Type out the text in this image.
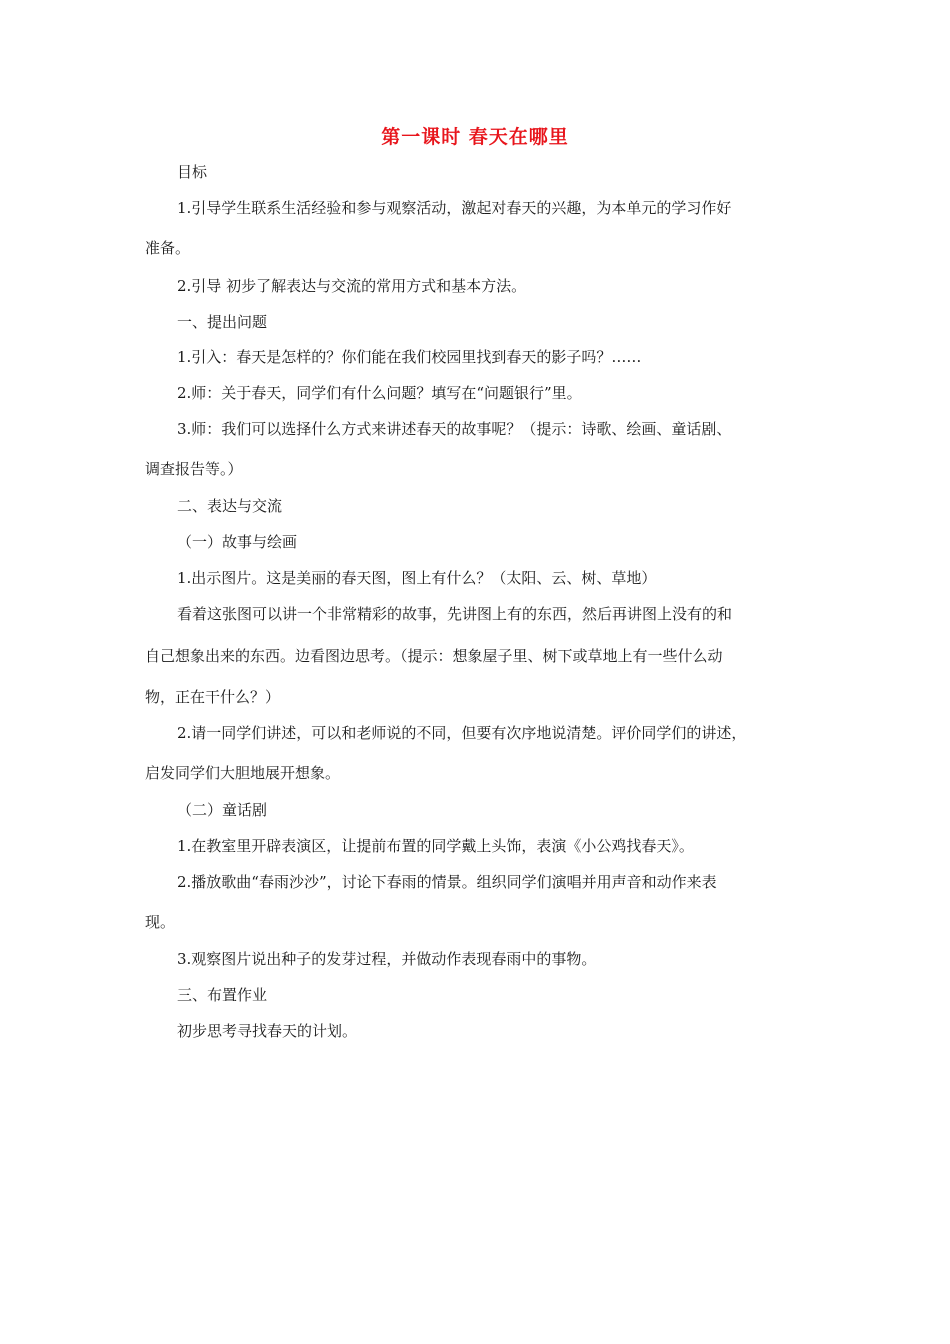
第一课时 春天在哪里

目标

1.引导学生联系生活经验和参与观察活动，激起对春天的兴趣，为本单元的学习作好

准备。

2.引导 初步了解表达与交流的常用方式和基本方法。

一、提出问题

1.引入：春天是怎样的？你们能在我们校园里找到春天的影子吗？……

2.师：关于春天，同学们有什么问题？填写在“问题银行”里。

3.师：我们可以选择什么方式来讲述春天的故事呢？（提示：诗歌、绘画、童话剧、

调查报告等。）

二、表达与交流

（一）故事与绘画

1.出示图片。这是美丽的春天图，图上有什么？（太阳、云、树、草地）

看着这张图可以讲一个非常精彩的故事，先讲图上有的东西，然后再讲图上没有的和

自己想象出来的东西。边看图边思考。（提示：想象屋子里、树下或草地上有一些什么动

物，正在干什么？）

2.请一同学们讲述，可以和老师说的不同，但要有次序地说清楚。评价同学们的讲述，

启发同学们大胆地展开想象。

（二）童话剧

1.在教室里开辟表演区，让提前布置的同学戴上头饰，表演《小公鸡找春天》。

2.播放歌曲“春雨沙沙”，讨论下春雨的情景。组织同学们演唱并用声音和动作来表

现。

3.观察图片说出种子的发芽过程，并做动作表现春雨中的事物。

三、布置作业

初步思考寻找春天的计划。
